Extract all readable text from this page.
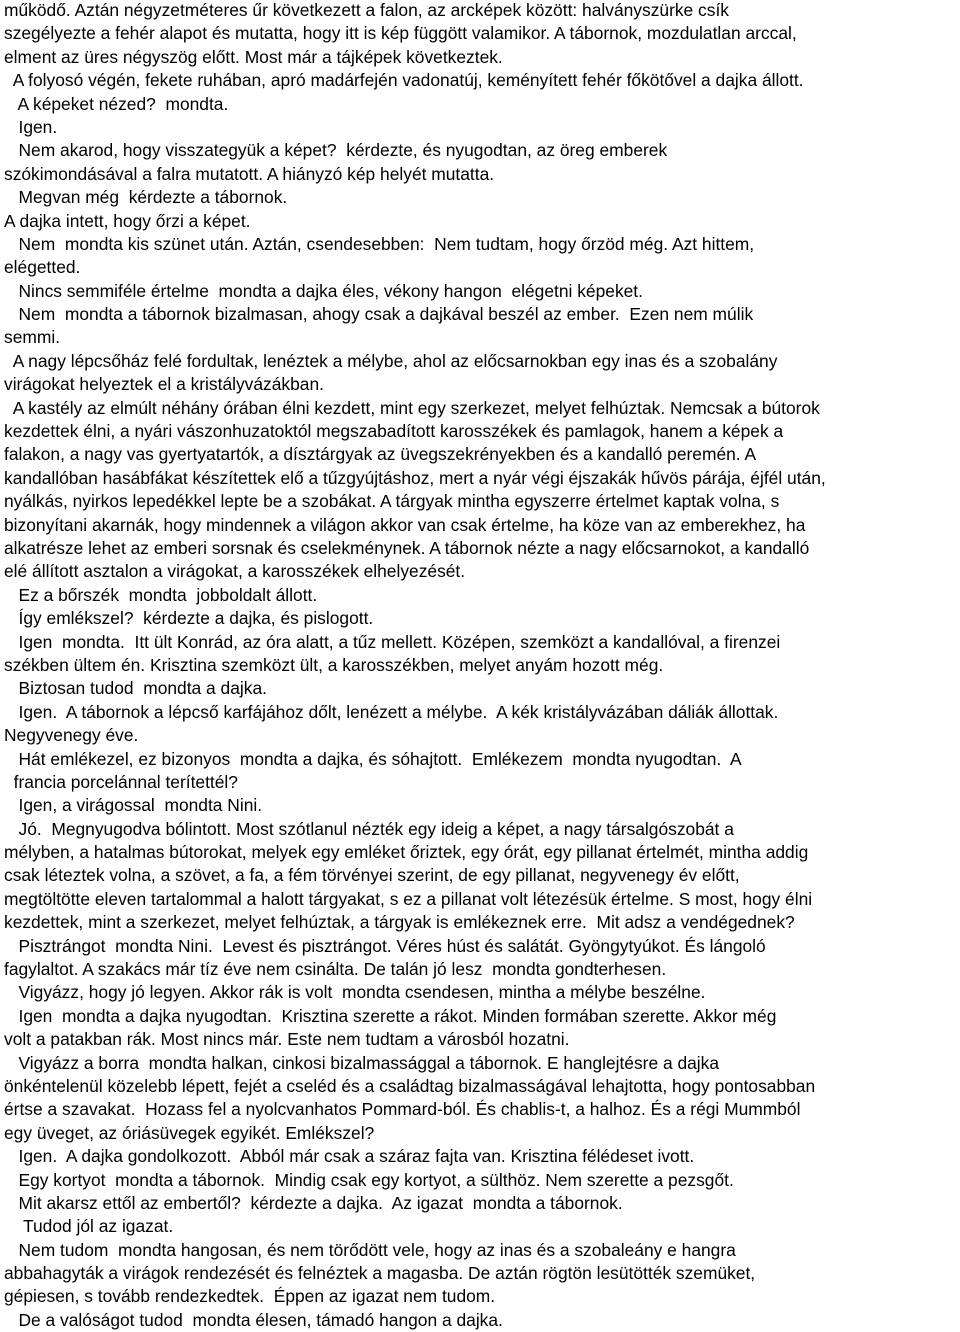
működő. Aztán négyzetméteres űr következett a falon, az arcképek között: halványszürke csík
szegélyezte a fehér alapot és mutatta, hogy itt is kép függött valamikor. A tábornok, mozdulatlan arccal,
elment az üres négyszög előtt. Most már a tájképek következtek.
A folyosó végén, fekete ruhában, apró madárfején vadonatúj, keményített fehér főkötővel a dajka állott.
A képeket nézed?  mondta.
Igen.
Nem akarod, hogy visszategyük a képet?  kérdezte, és nyugodtan, az öreg emberek
szókimondásával a falra mutatott. A hiányzó kép helyét mutatta.
Megvan még  kérdezte a tábornok.
A dajka intett, hogy őrzi a képet.
Nem  mondta kis szünet után. Aztán, csendesebben:  Nem tudtam, hogy őrzöd még. Azt hittem,
elégetted.
Nincs semmiféle értelme  mondta a dajka éles, vékony hangon  elégetni képeket.
Nem  mondta a tábornok bizalmasan, ahogy csak a dajkával beszél az ember.  Ezen nem múlik
semmi.
A nagy lépcsőház felé fordultak, lenéztek a mélybe, ahol az előcsarnokban egy inas és a szobalány
virágokat helyeztek el a kristályvázákban.
A kastély az elmúlt néhány órában élni kezdett, mint egy szerkezet, melyet felhúztak. Nemcsak a bútorok
kezdettek élni, a nyári vászonhuzatoktól megszabadított karosszékek és pamlagok, hanem a képek a
falakon, a nagy vas gyertyatartók, a dísztárgyak az üvegszekrényekben és a kandalló peremén. A
kandallóban hasábfákat készítettek elő a tűzgyújtáshoz, mert a nyár végi éjszakák hűvös párája, éjfél után,
nyálkás, nyirkos lepedékkel lepte be a szobákat. A tárgyak mintha egyszerre értelmet kaptak volna, s
bizonyítani akarnák, hogy mindennek a világon akkor van csak értelme, ha köze van az emberekhez, ha
alkatrésze lehet az emberi sorsnak és cselekménynek. A tábornok nézte a nagy előcsarnokot, a kandalló
elé állított asztalon a virágokat, a karosszékek elhelyezését.
Ez a bőrszék  mondta  jobboldalt állott.
Így emlékszel?  kérdezte a dajka, és pislogott.
Igen  mondta.  Itt ült Konrád, az óra alatt, a tűz mellett. Középen, szemközt a kandallóval, a firenzei
székben ültem én. Krisztina szemközt ült, a karosszékben, melyet anyám hozott még.
Biztosan tudod  mondta a dajka.
Igen.  A tábornok a lépcső karfájához dőlt, lenézett a mélybe.  A kék kristályvázában dáliák állottak.
Negyvenegy éve.
Hát emlékezel, ez bizonyos  mondta a dajka, és sóhajtott.  Emlékezem  mondta nyugodtan.  A
francia porcelánnal terítettél?
Igen, a virágossal  mondta Nini.
Jó.  Megnyugodva bólintott. Most szótlanul nézték egy ideig a képet, a nagy társalgószobát a
mélyben, a hatalmas bútorokat, melyek egy emléket őriztek, egy órát, egy pillanat értelmét, mintha addig
csak léteztek volna, a szövet, a fa, a fém törvényei szerint, de egy pillanat, negyvenegy év előtt,
megtöltötte eleven tartalommal a halott tárgyakat, s ez a pillanat volt létezésük értelme. S most, hogy élni
kezdettek, mint a szerkezet, melyet felhúztak, a tárgyak is emlékeznek erre.  Mit adsz a vendégednek?
Pisztrángot  mondta Nini.  Levest és pisztrángot. Véres húst és salátát. Gyöngytyúkot. És lángoló
fagylaltot. A szakács már tíz éve nem csinálta. De talán jó lesz  mondta gondterhesen.
Vigyázz, hogy jó legyen. Akkor rák is volt  mondta csendesen, mintha a mélybe beszélne.
Igen  mondta a dajka nyugodtan.  Krisztina szerette a rákot. Minden formában szerette. Akkor még
volt a patakban rák. Most nincs már. Este nem tudtam a városból hozatni.
Vigyázz a borra  mondta halkan, cinkosi bizalmassággal a tábornok. E hanglejtésre a dajka
önkéntelenül közelebb lépett, fejét a cseléd és a családtag bizalmasságával lehajtotta, hogy pontosabban
értse a szavakat.  Hozass fel a nyolcvanhatos Pommard-ból. És chablis-t, a halhoz. És a régi Mummból
egy üveget, az óriásüvegek egyikét. Emlékszel?
Igen.  A dajka gondolkozott.  Abból már csak a száraz fajta van. Krisztina félédeset ivott.
Egy kortyot  mondta a tábornok.  Mindig csak egy kortyot, a sülthöz. Nem szerette a pezsgőt.
Mit akarsz ettől az embertől?  kérdezte a dajka.  Az igazat  mondta a tábornok.
Tudod jól az igazat.
Nem tudom  mondta hangosan, és nem törődött vele, hogy az inas és a szobaleány e hangra
abbahagyták a virágok rendezését és felnéztek a magasba. De aztán rögtön lesütötték szemüket,
gépiesen, s tovább rendezkedtek.  Éppen az igazat nem tudom.
De a valóságot tudod  mondta élesen, támadó hangon a dajka.
